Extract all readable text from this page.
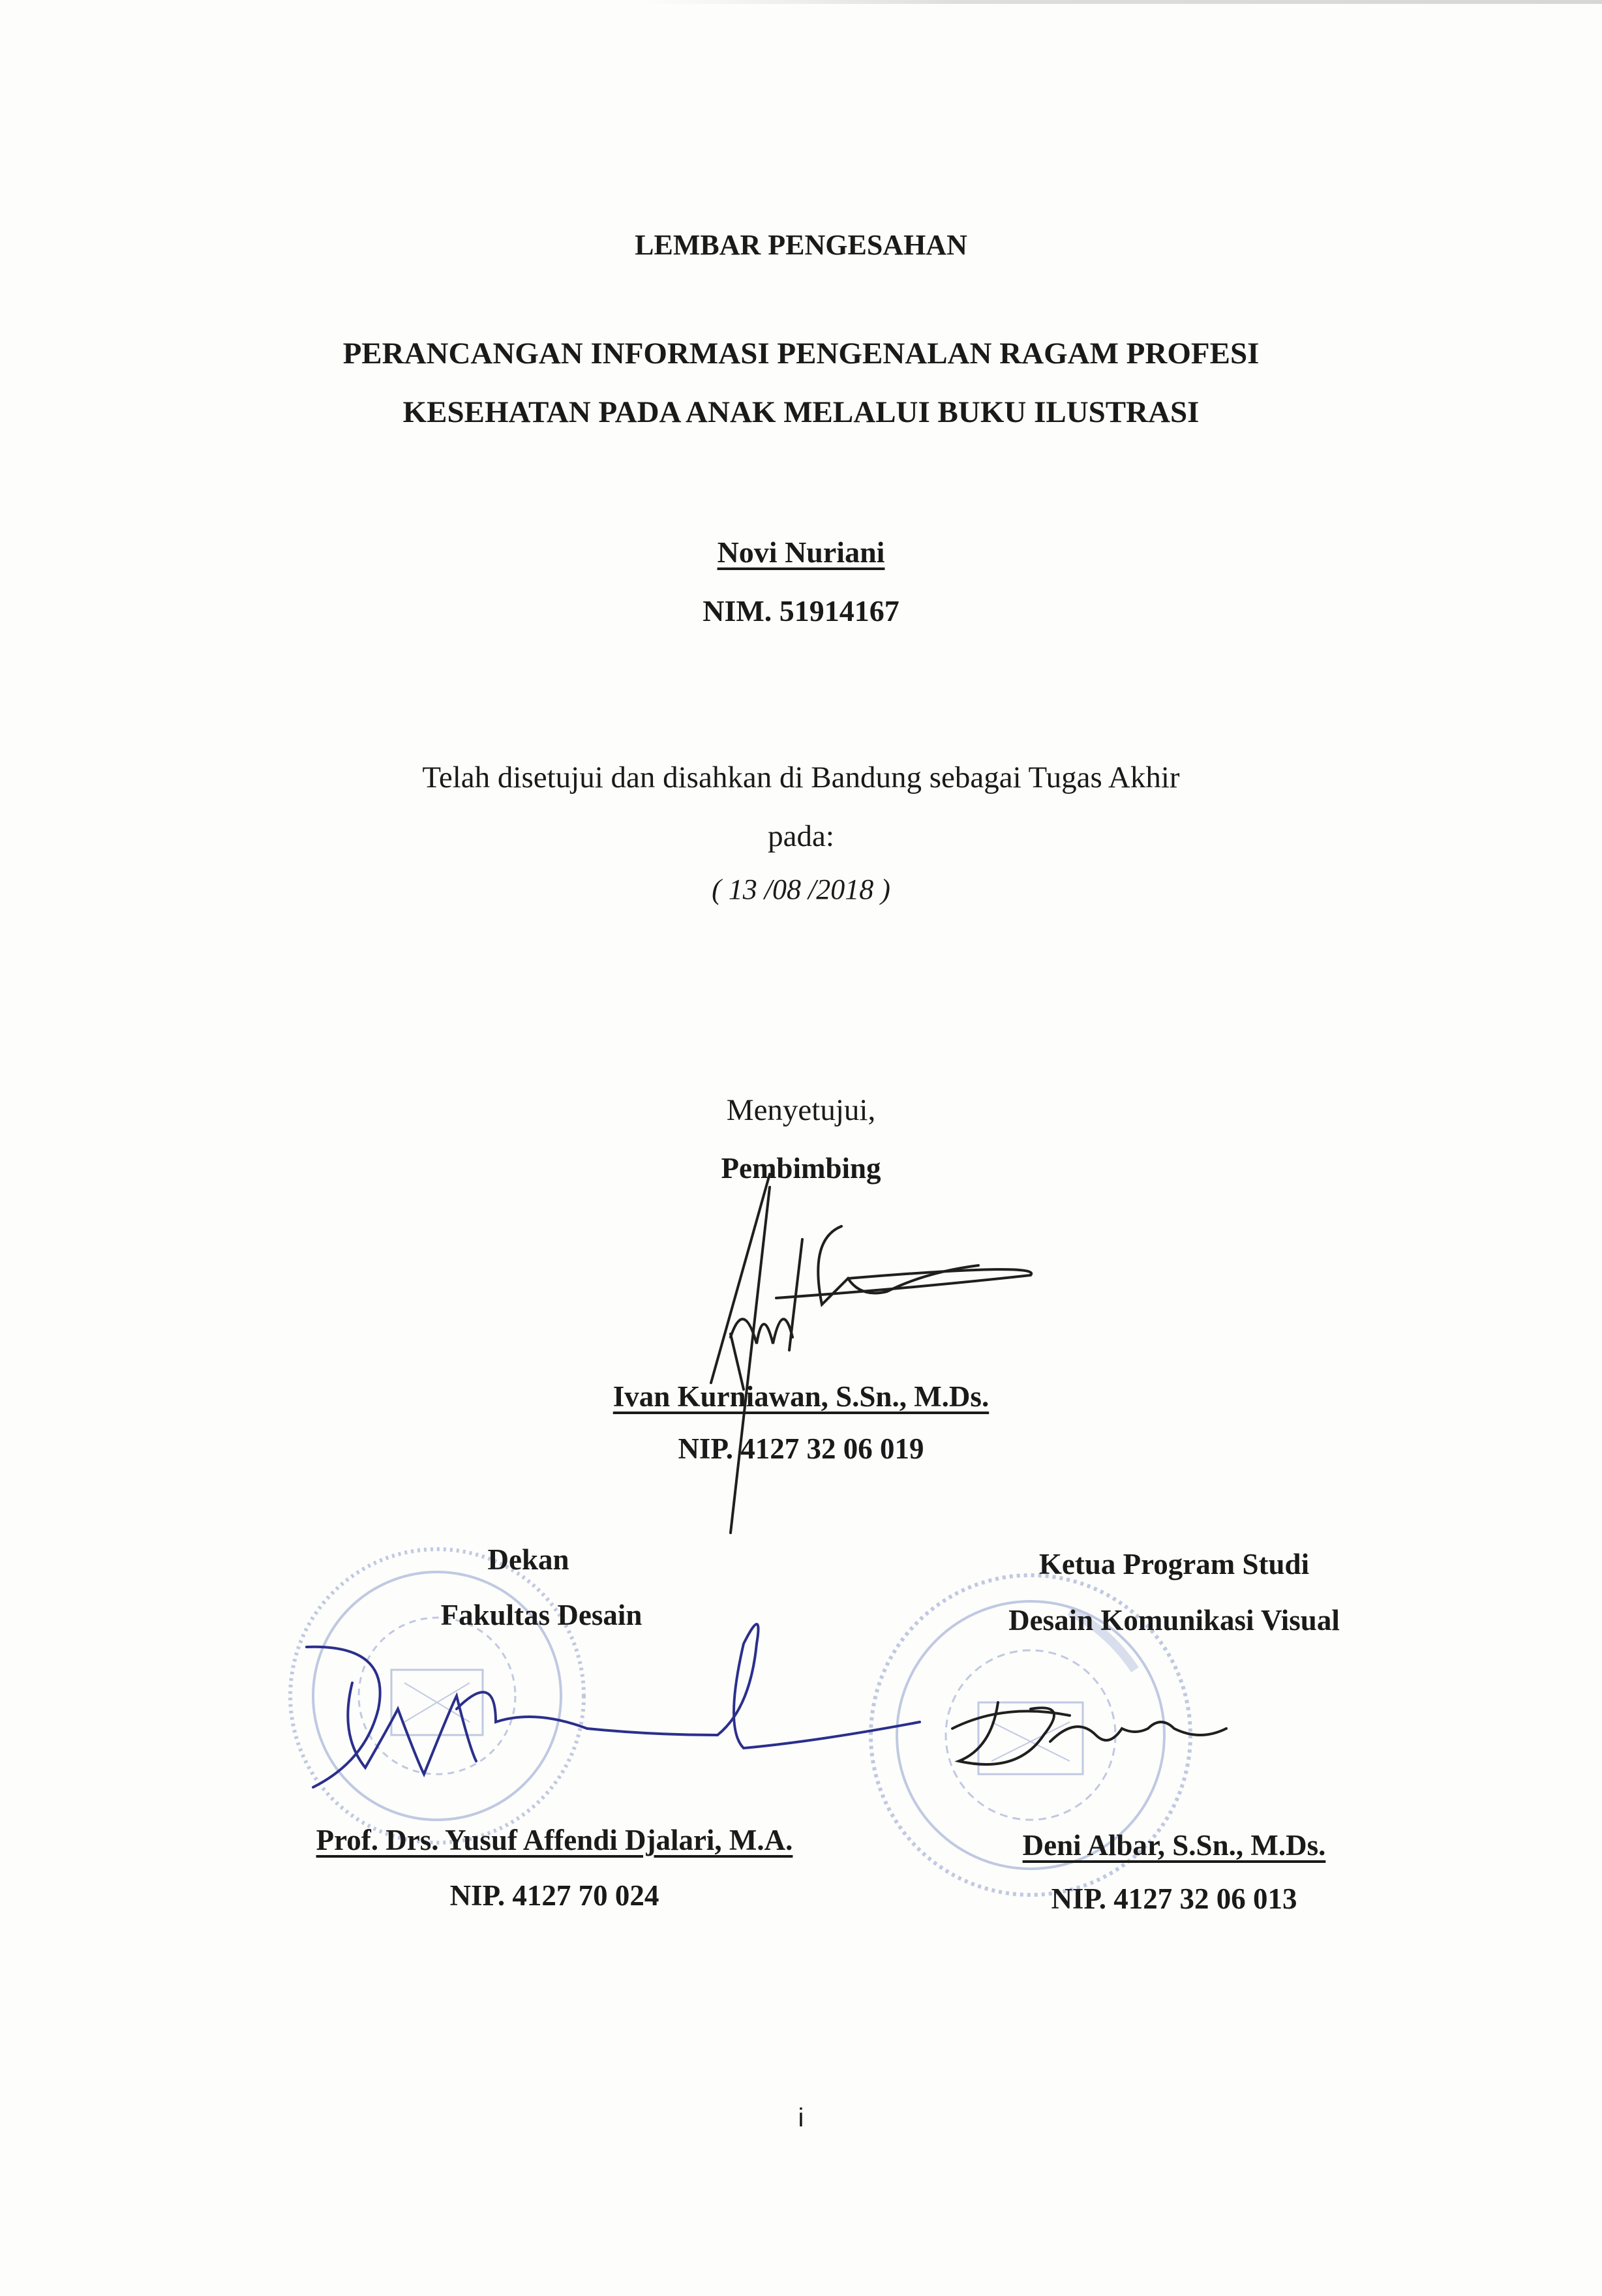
LEMBAR PENGESAHAN
PERANCANGAN INFORMASI PENGENALAN RAGAM PROFESI
KESEHATAN PADA ANAK MELALUI BUKU ILUSTRASI
Novi Nuriani
NIM. 51914167
Telah disetujui dan disahkan di Bandung sebagai Tugas Akhir
pada:
( 13 /08 /2018 )
Menyetujui,
Pembimbing
Ivan Kurniawan, S.Sn., M.Ds.
NIP. 4127 32 06 019
Dekan
Fakultas Desain
Prof. Drs. Yusuf Affendi Djalari, M.A.
NIP. 4127 70 024
Ketua Program Studi
Desain Komunikasi Visual
Deni Albar, S.Sn., M.Ds.
NIP. 4127 32 06 013
i
